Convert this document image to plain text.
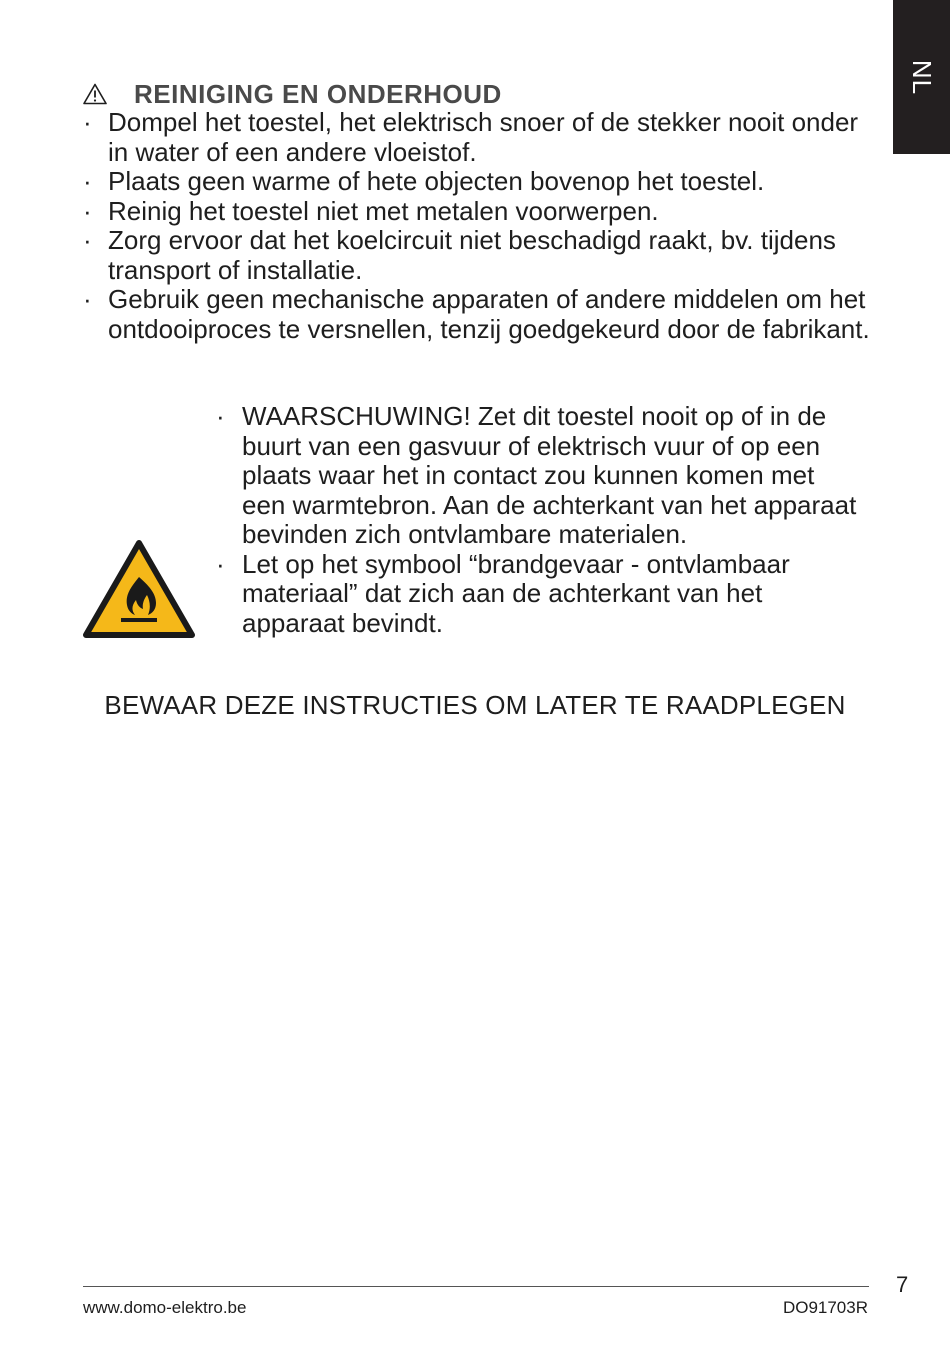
NL
REINIGING EN ONDERHOUD
· Dompel het toestel, het elektrisch snoer of de stekker nooit onder in water of een andere vloeistof.
· Plaats geen warme of hete objecten bovenop het toestel.
· Reinig het toestel niet met metalen voorwerpen.
· Zorg ervoor dat het koelcircuit niet beschadigd raakt, bv. tijdens transport of installatie.
· Gebruik geen mechanische apparaten of andere middelen om het ontdooiproces te versnellen, tenzij goedgekeurd door de fabrikant.
· WAARSCHUWING! Zet dit toestel nooit op of in de buurt van een gasvuur of elektrisch vuur of op een plaats waar het in contact zou kunnen komen met een warmtebron. Aan de achterkant van het apparaat bevinden zich ontvlambare materialen.
· Let op het symbool “brandgevaar - ontvlambaar materiaal” dat zich aan de achterkant van het apparaat bevindt.
BEWAAR DEZE INSTRUCTIES OM LATER TE RAADPLEGEN
7
www.domo-elektro.be	DO91703R
